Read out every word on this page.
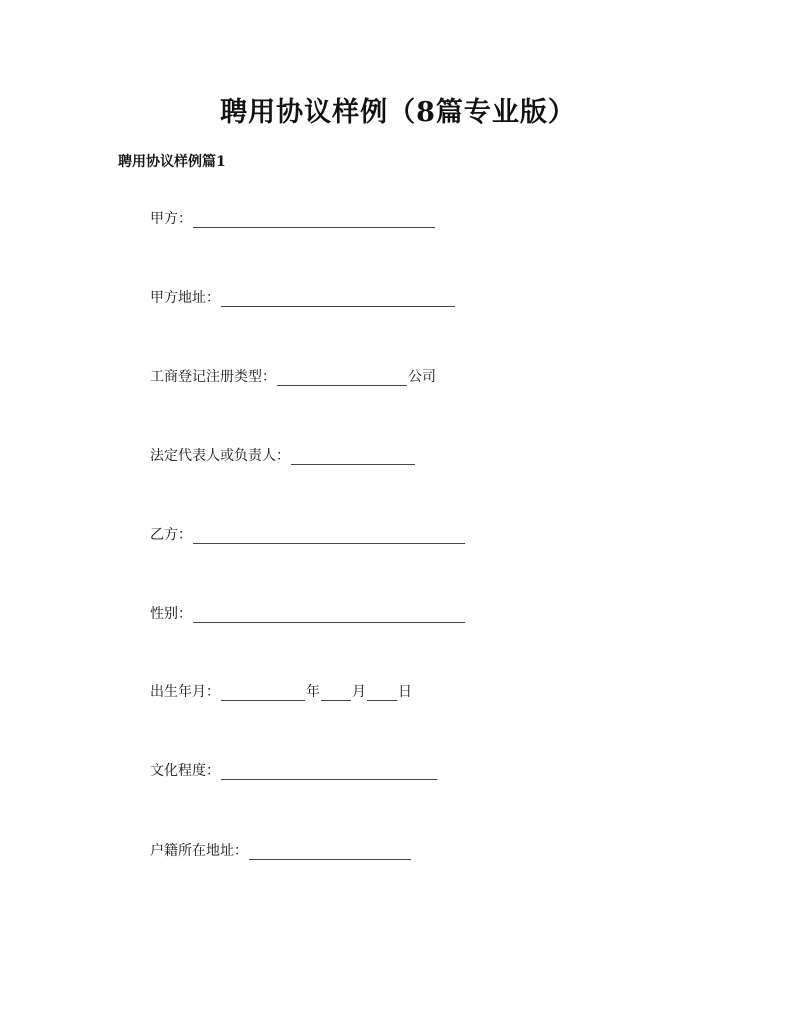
聘用协议样例（8篇专业版）
聘用协议样例篇1
甲方：
甲方地址：
工商登记注册类型：	公司
法定代表人或负责人：
乙方：
性别：
出生年月：	年 月 日
文化程度：
户籍所在地址：
